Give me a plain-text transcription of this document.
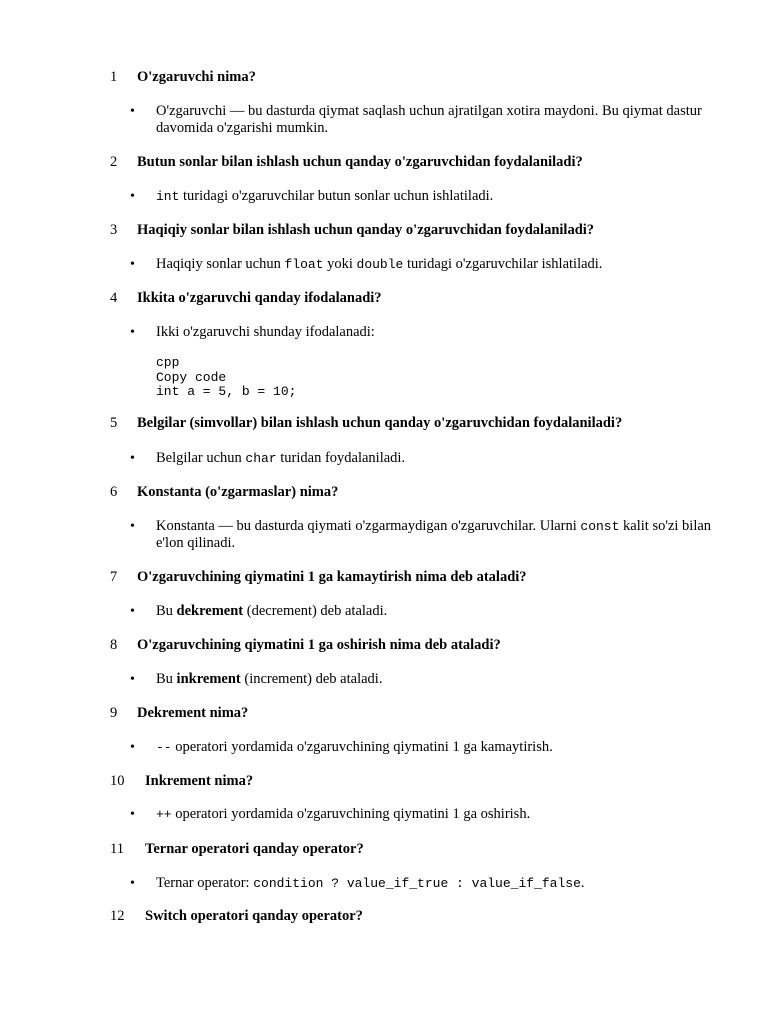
1 O'zgaruvchi nima?
•	O'zgaruvchi — bu dasturda qiymat saqlash uchun ajratilgan xotira maydoni. Bu qiymat dastur davomida o'zgarishi mumkin.
2 Butun sonlar bilan ishlash uchun qanday o'zgaruvchidan foydalaniladi?
•	int turidagi o'zgaruvchilar butun sonlar uchun ishlatiladi.
3 Haqiqiy sonlar bilan ishlash uchun qanday o'zgaruvchidan foydalaniladi?
•	Haqiqiy sonlar uchun float yoki double turidagi o'zgaruvchilar ishlatiladi.
4 Ikkita o'zgaruvchi qanday ifodalanadi?
•	Ikki o'zgaruvchi shunday ifodalanadi:
cpp
Copy code
int a = 5, b = 10;
5 Belgilar (simvollar) bilan ishlash uchun qanday o'zgaruvchidan foydalaniladi?
•	Belgilar uchun char turidan foydalaniladi.
6 Konstanta (o'zgarmaslar) nima?
•	Konstanta — bu dasturda qiymati o'zgarmaydigan o'zgaruvchilar. Ularni const kalit so'zi bilan e'lon qilinadi.
7 O'zgaruvchining qiymatini 1 ga kamaytirish nima deb ataladi?
•	Bu dekrement (decrement) deb ataladi.
8 O'zgaruvchining qiymatini 1 ga oshirish nima deb ataladi?
•	Bu inkrement (increment) deb ataladi.
9 Dekrement nima?
•	-- operatori yordamida o'zgaruvchining qiymatini 1 ga kamaytirish.
10 Inkrement nima?
•	++ operatori yordamida o'zgaruvchining qiymatini 1 ga oshirish.
11 Ternar operatori qanday operator?
•	Ternar operator: condition ? value_if_true : value_if_false.
12 Switch operatori qanday operator?
